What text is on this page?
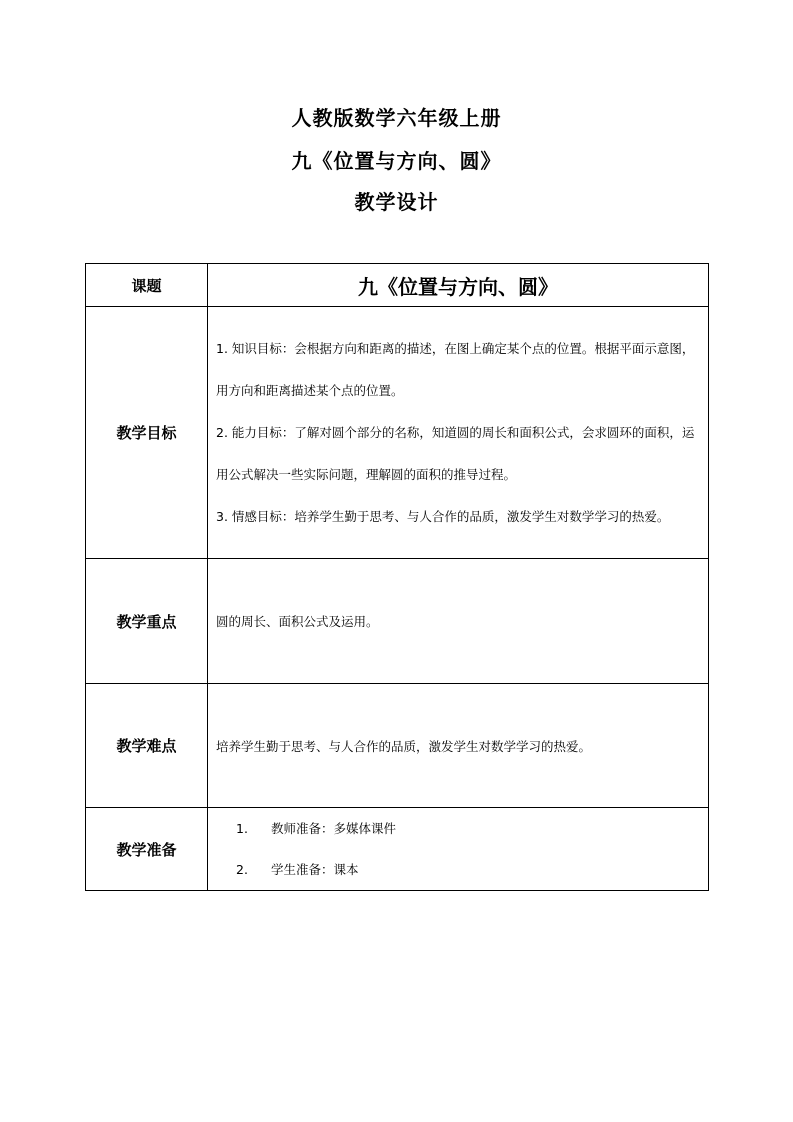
人教版数学六年级上册
九《位置与方向、圆》
教学设计
课题	九《位置与方向、圆》
教学目标	1. 知识目标：会根据方向和距离的描述，在图上确定某个点的位置。根据平面示意图，用方向和距离描述某个点的位置。

2. 能力目标：了解对圆个部分的名称，知道圆的周长和面积公式，会求圆环的面积，运用公式解决一些实际问题，理解圆的面积的推导过程。

3. 情感目标：培养学生勤于思考、与人合作的品质，激发学生对数学学习的热爱。

教学重点	圆的周长、面积公式及运用。

教学难点	培养学生勤于思考、与人合作的品质，激发学生对数学学习的热爱。

教学准备	1. 教师准备：多媒体课件
2. 学生准备：课本
